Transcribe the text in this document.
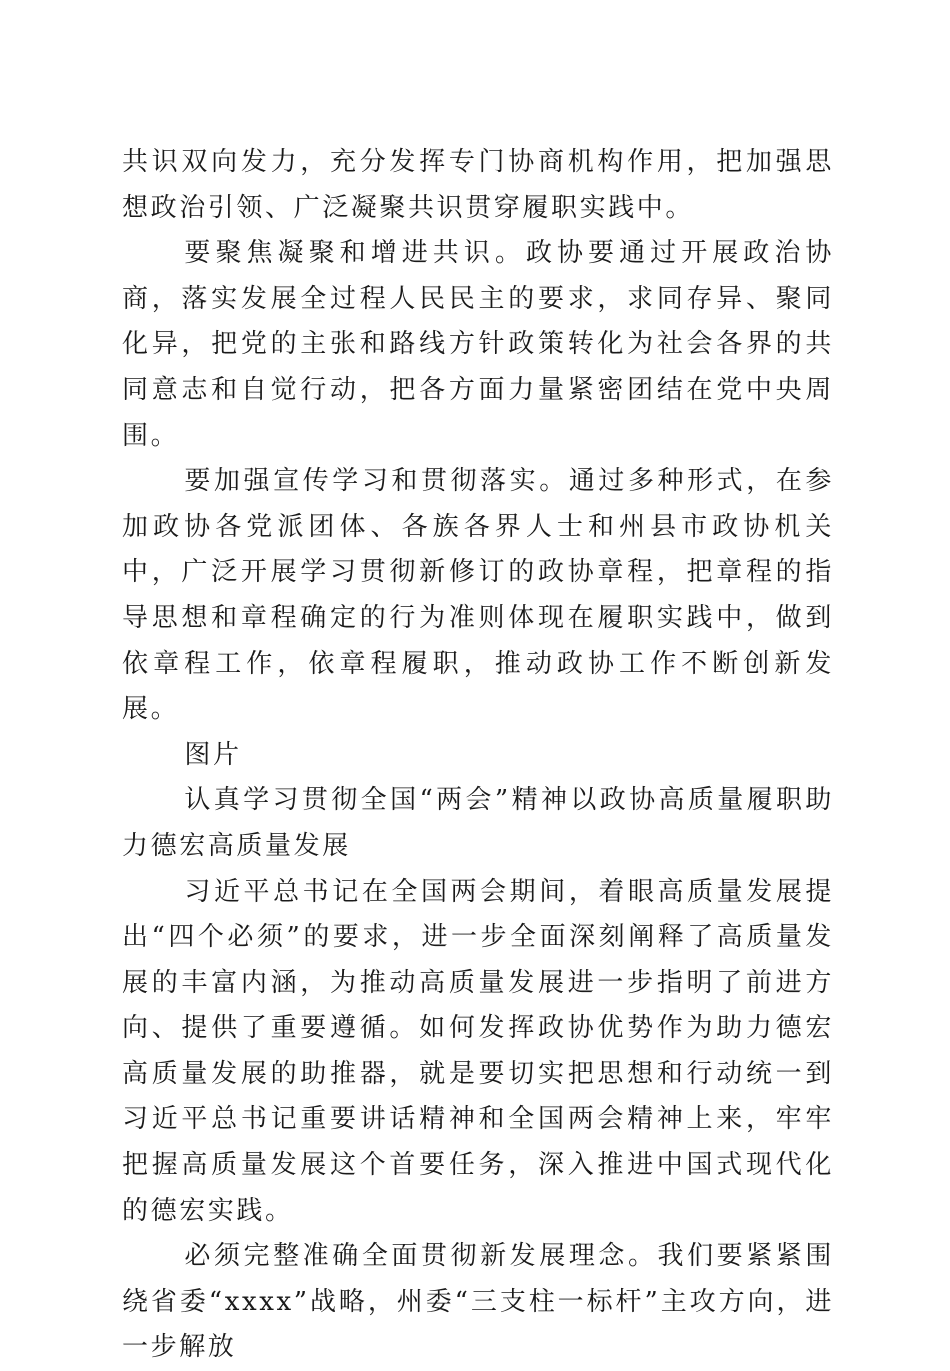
共识双向发力，充分发挥专门协商机构作用，把加强思想政治引领、广泛凝聚共识贯穿履职实践中。

要聚焦凝聚和增进共识。政协要通过开展政治协商，落实发展全过程人民民主的要求，求同存异、聚同化异，把党的主张和路线方针政策转化为社会各界的共同意志和自觉行动，把各方面力量紧密团结在党中央周围。

要加强宣传学习和贯彻落实。通过多种形式，在参加政协各党派团体、各族各界人士和州县市政协机关中，广泛开展学习贯彻新修订的政协章程，把章程的指导思想和章程确定的行为准则体现在履职实践中，做到依章程工作，依章程履职，推动政协工作不断创新发展。

图片

认真学习贯彻全国“两会”精神以政协高质量履职助力德宏高质量发展

习近平总书记在全国两会期间，着眼高质量发展提出“四个必须”的要求，进一步全面深刻阐释了高质量发展的丰富内涵，为推动高质量发展进一步指明了前进方向、提供了重要遵循。如何发挥政协优势作为助力德宏高质量发展的助推器，就是要切实把思想和行动统一到习近平总书记重要讲话精神和全国两会精神上来，牢牢把握高质量发展这个首要任务，深入推进中国式现代化的德宏实践。

必须完整准确全面贯彻新发展理念。我们要紧紧围绕省委“xxxx”战略，州委“三支柱一标杆”主攻方向，进一步解放
